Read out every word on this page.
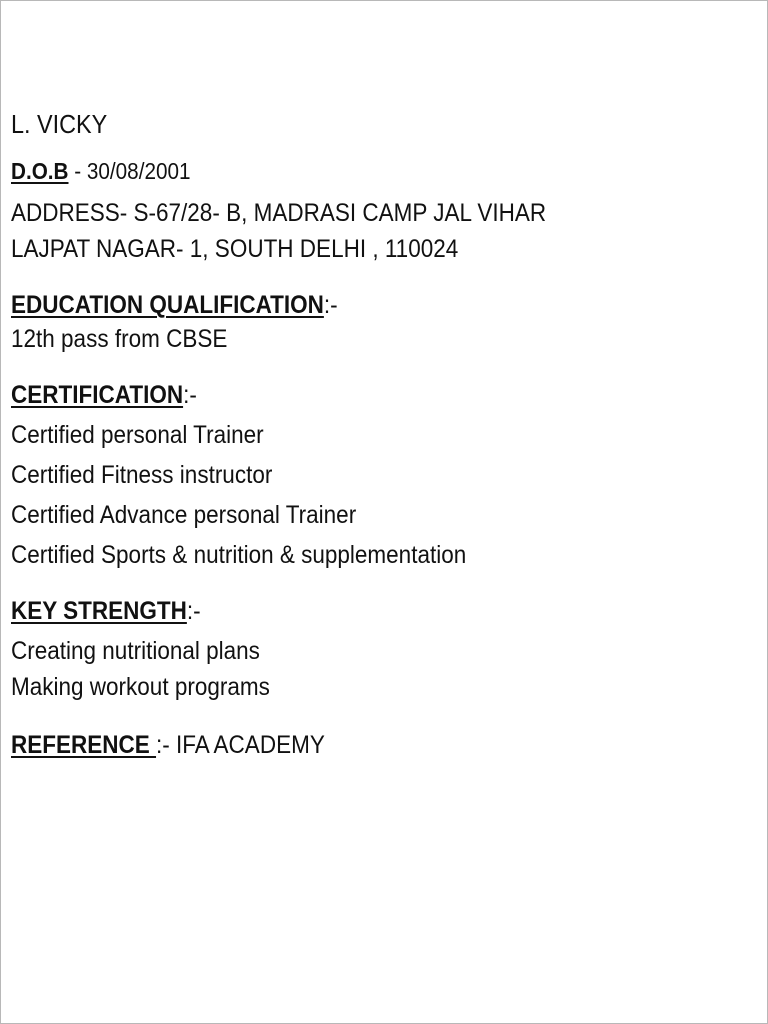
L. VICKY
D.O.B - 30/08/2001
ADDRESS- S-67/28- B, MADRASI CAMP JAL VIHAR
LAJPAT NAGAR- 1, SOUTH DELHI , 110024
EDUCATION QUALIFICATION:-
12th pass from CBSE
CERTIFICATION:-
Certified personal Trainer
Certified Fitness instructor
Certified Advance personal Trainer
Certified Sports & nutrition & supplementation
KEY STRENGTH:-
Creating nutritional plans
Making workout programs
REFERENCE :- IFA ACADEMY
